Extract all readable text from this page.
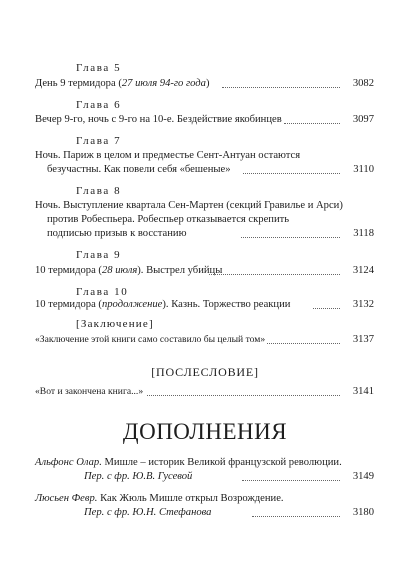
Глава 5
День 9 термидора (27 июля 94-го года)	3082
Глава 6
Вечер 9-го, ночь с 9-го на 10-е. Бездействие якобинцев	3097
Глава 7
Ночь. Париж в целом и предместье Сент-Антуан остаются
безучастны. Как повели себя «бешеные»	3110
Глава 8
Ночь. Выступление квартала Сен-Мартен (секций Гравилье и Арси)
против Робеспьера. Робеспьер отказывается скрепить
подписью призыв к восстанию	3118
Глава 9
10 термидора (28 июля). Выстрел убийцы	3124
Глава 10
10 термидора (продолжение). Казнь. Торжество реакции	3132
[Заключение]
«Заключение этой книги само составило бы целый том»	3137
[ПОСЛЕСЛОВИЕ]
«Вот и закончена книга...»	3141
ДОПОЛНЕНИЯ
Альфонс Олар. Мишле – историк Великой французской революции.
Пер. с фр. Ю.В. Гусевой	3149
Люсьен Февр. Как Жюль Мишле открыл Возрождение.
Пер. с фр. Ю.Н. Стефанова	3180
